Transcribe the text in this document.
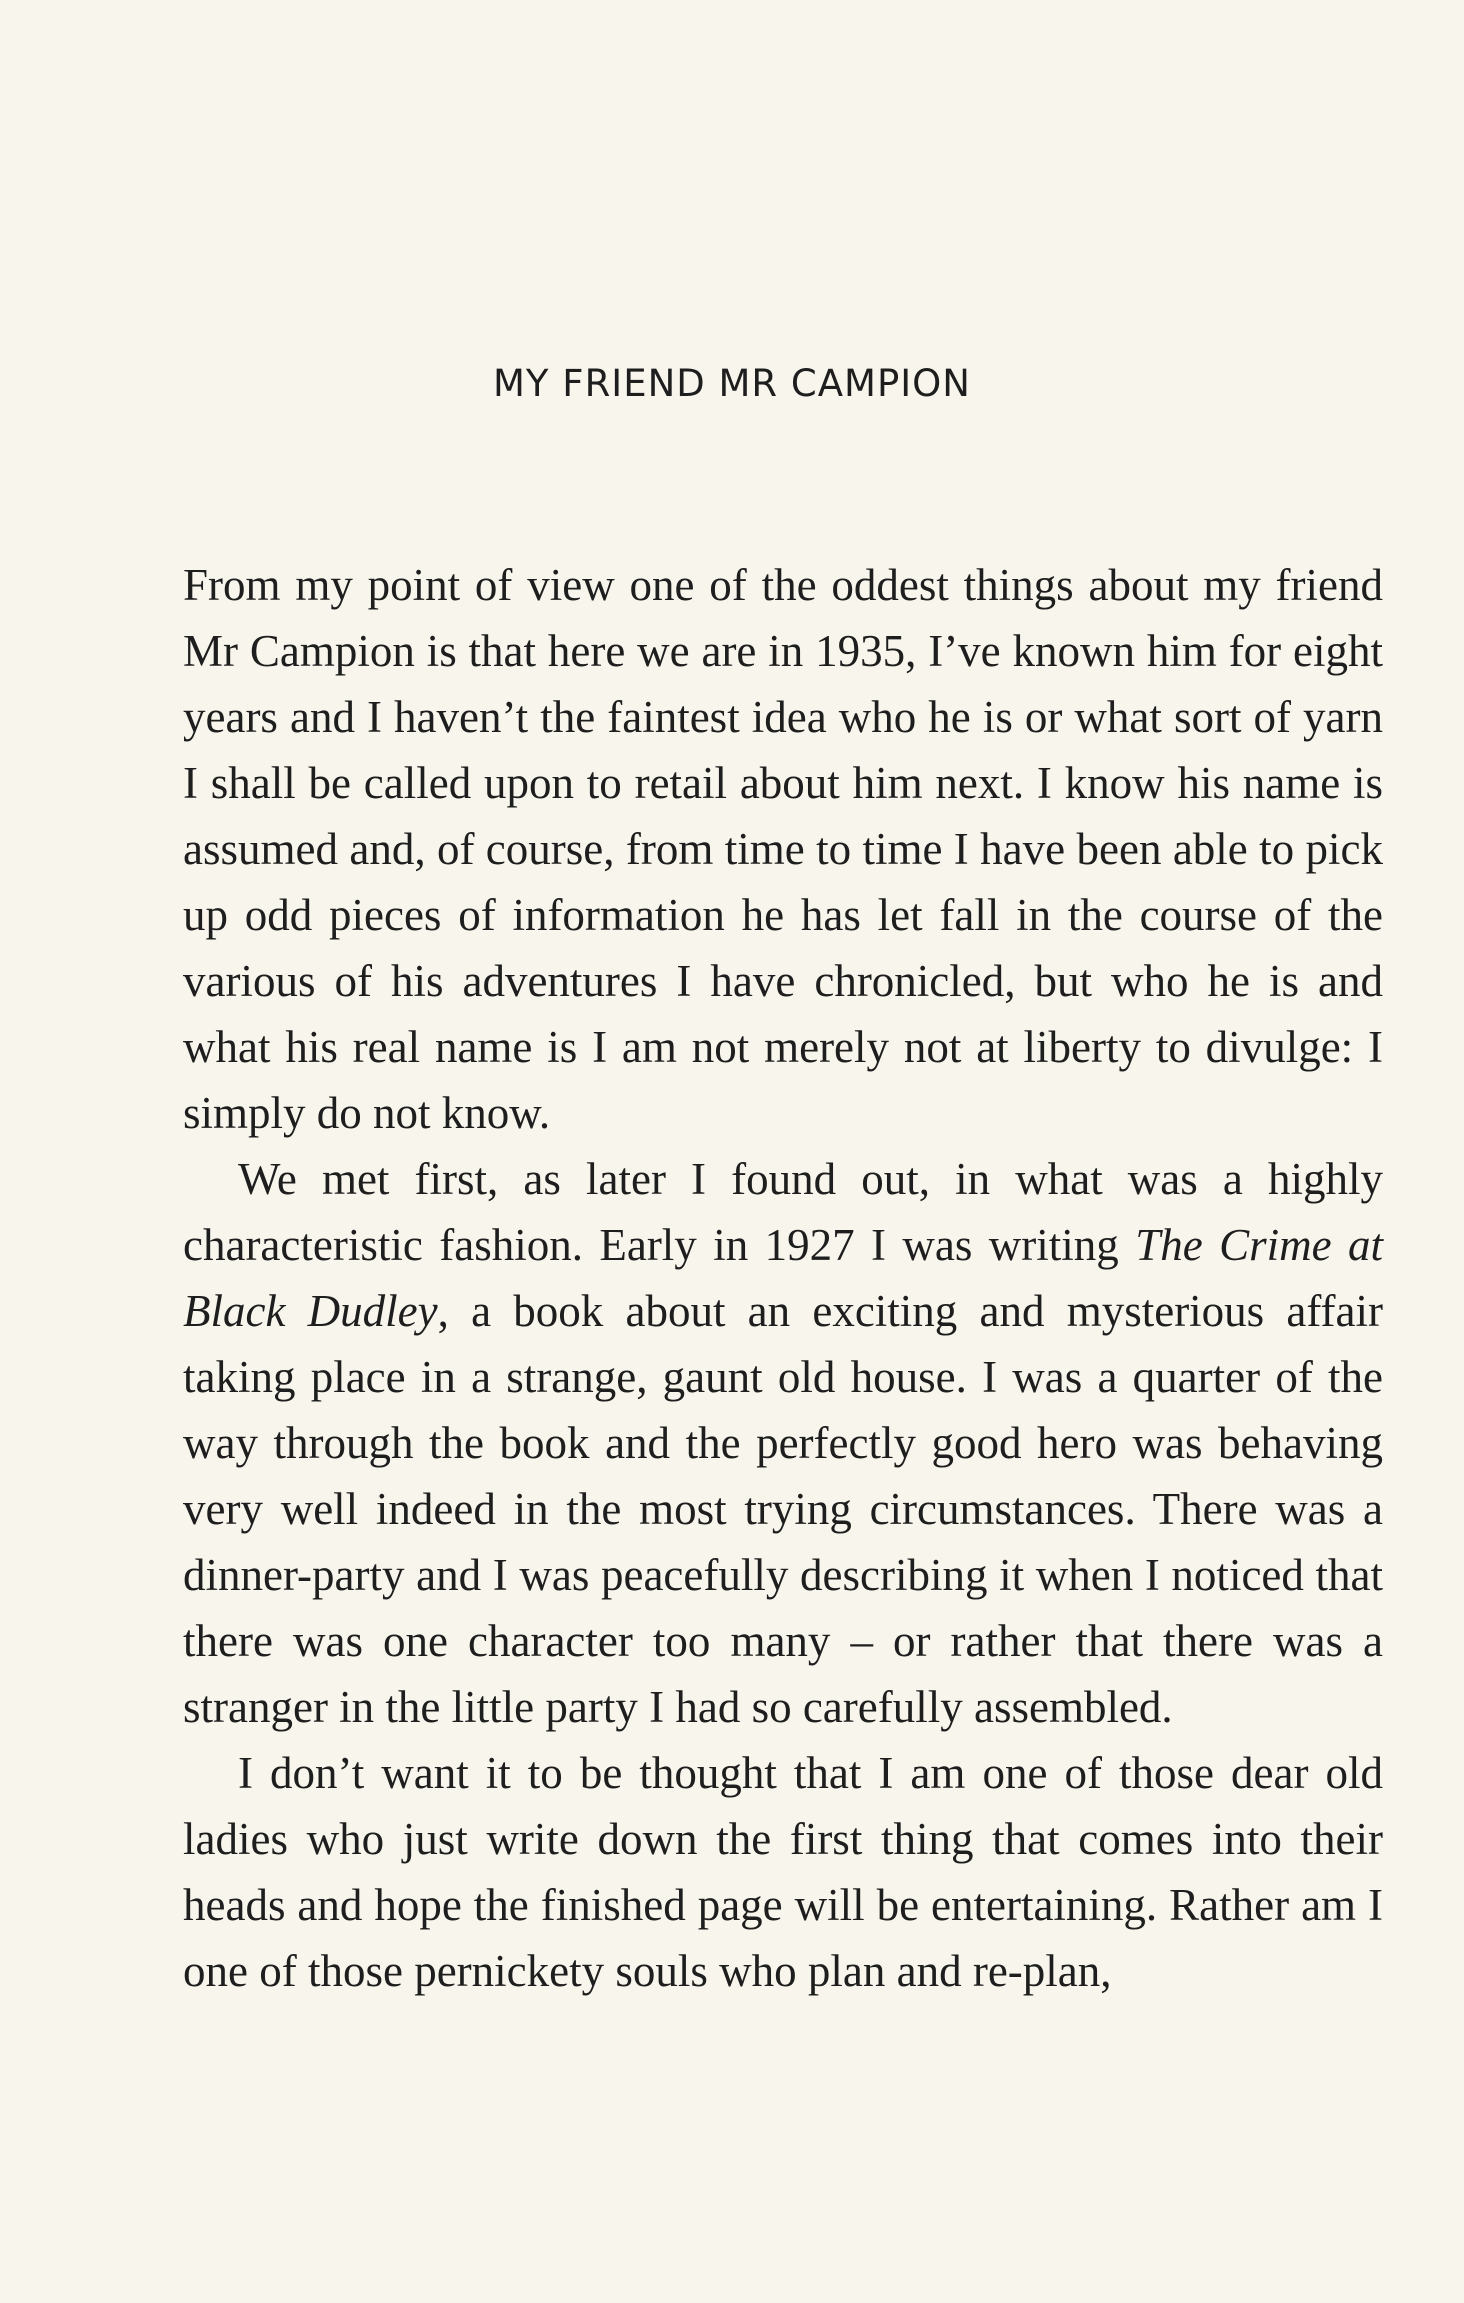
MY FRIEND MR CAMPION

From my point of view one of the oddest things about my friend Mr Campion is that here we are in 1935, I’ve known him for eight years and I haven’t the faintest idea who he is or what sort of yarn I shall be called upon to retail about him next. I know his name is assumed and, of course, from time to time I have been able to pick up odd pieces of information he has let fall in the course of the various of his adventures I have chronicled, but who he is and what his real name is I am not merely not at liberty to divulge: I simply do not know.

We met first, as later I found out, in what was a highly characteristic fashion. Early in 1927 I was writing The Crime at Black Dudley, a book about an exciting and mysterious affair taking place in a strange, gaunt old house. I was a quarter of the way through the book and the perfectly good hero was behaving very well indeed in the most trying circumstances. There was a dinner-party and I was peacefully describing it when I noticed that there was one character too many – or rather that there was a stranger in the little party I had so carefully assembled.

I don’t want it to be thought that I am one of those dear old ladies who just write down the first thing that comes into their heads and hope the finished page will be entertaining. Rather am I one of those pernickety souls who plan and re-plan,
